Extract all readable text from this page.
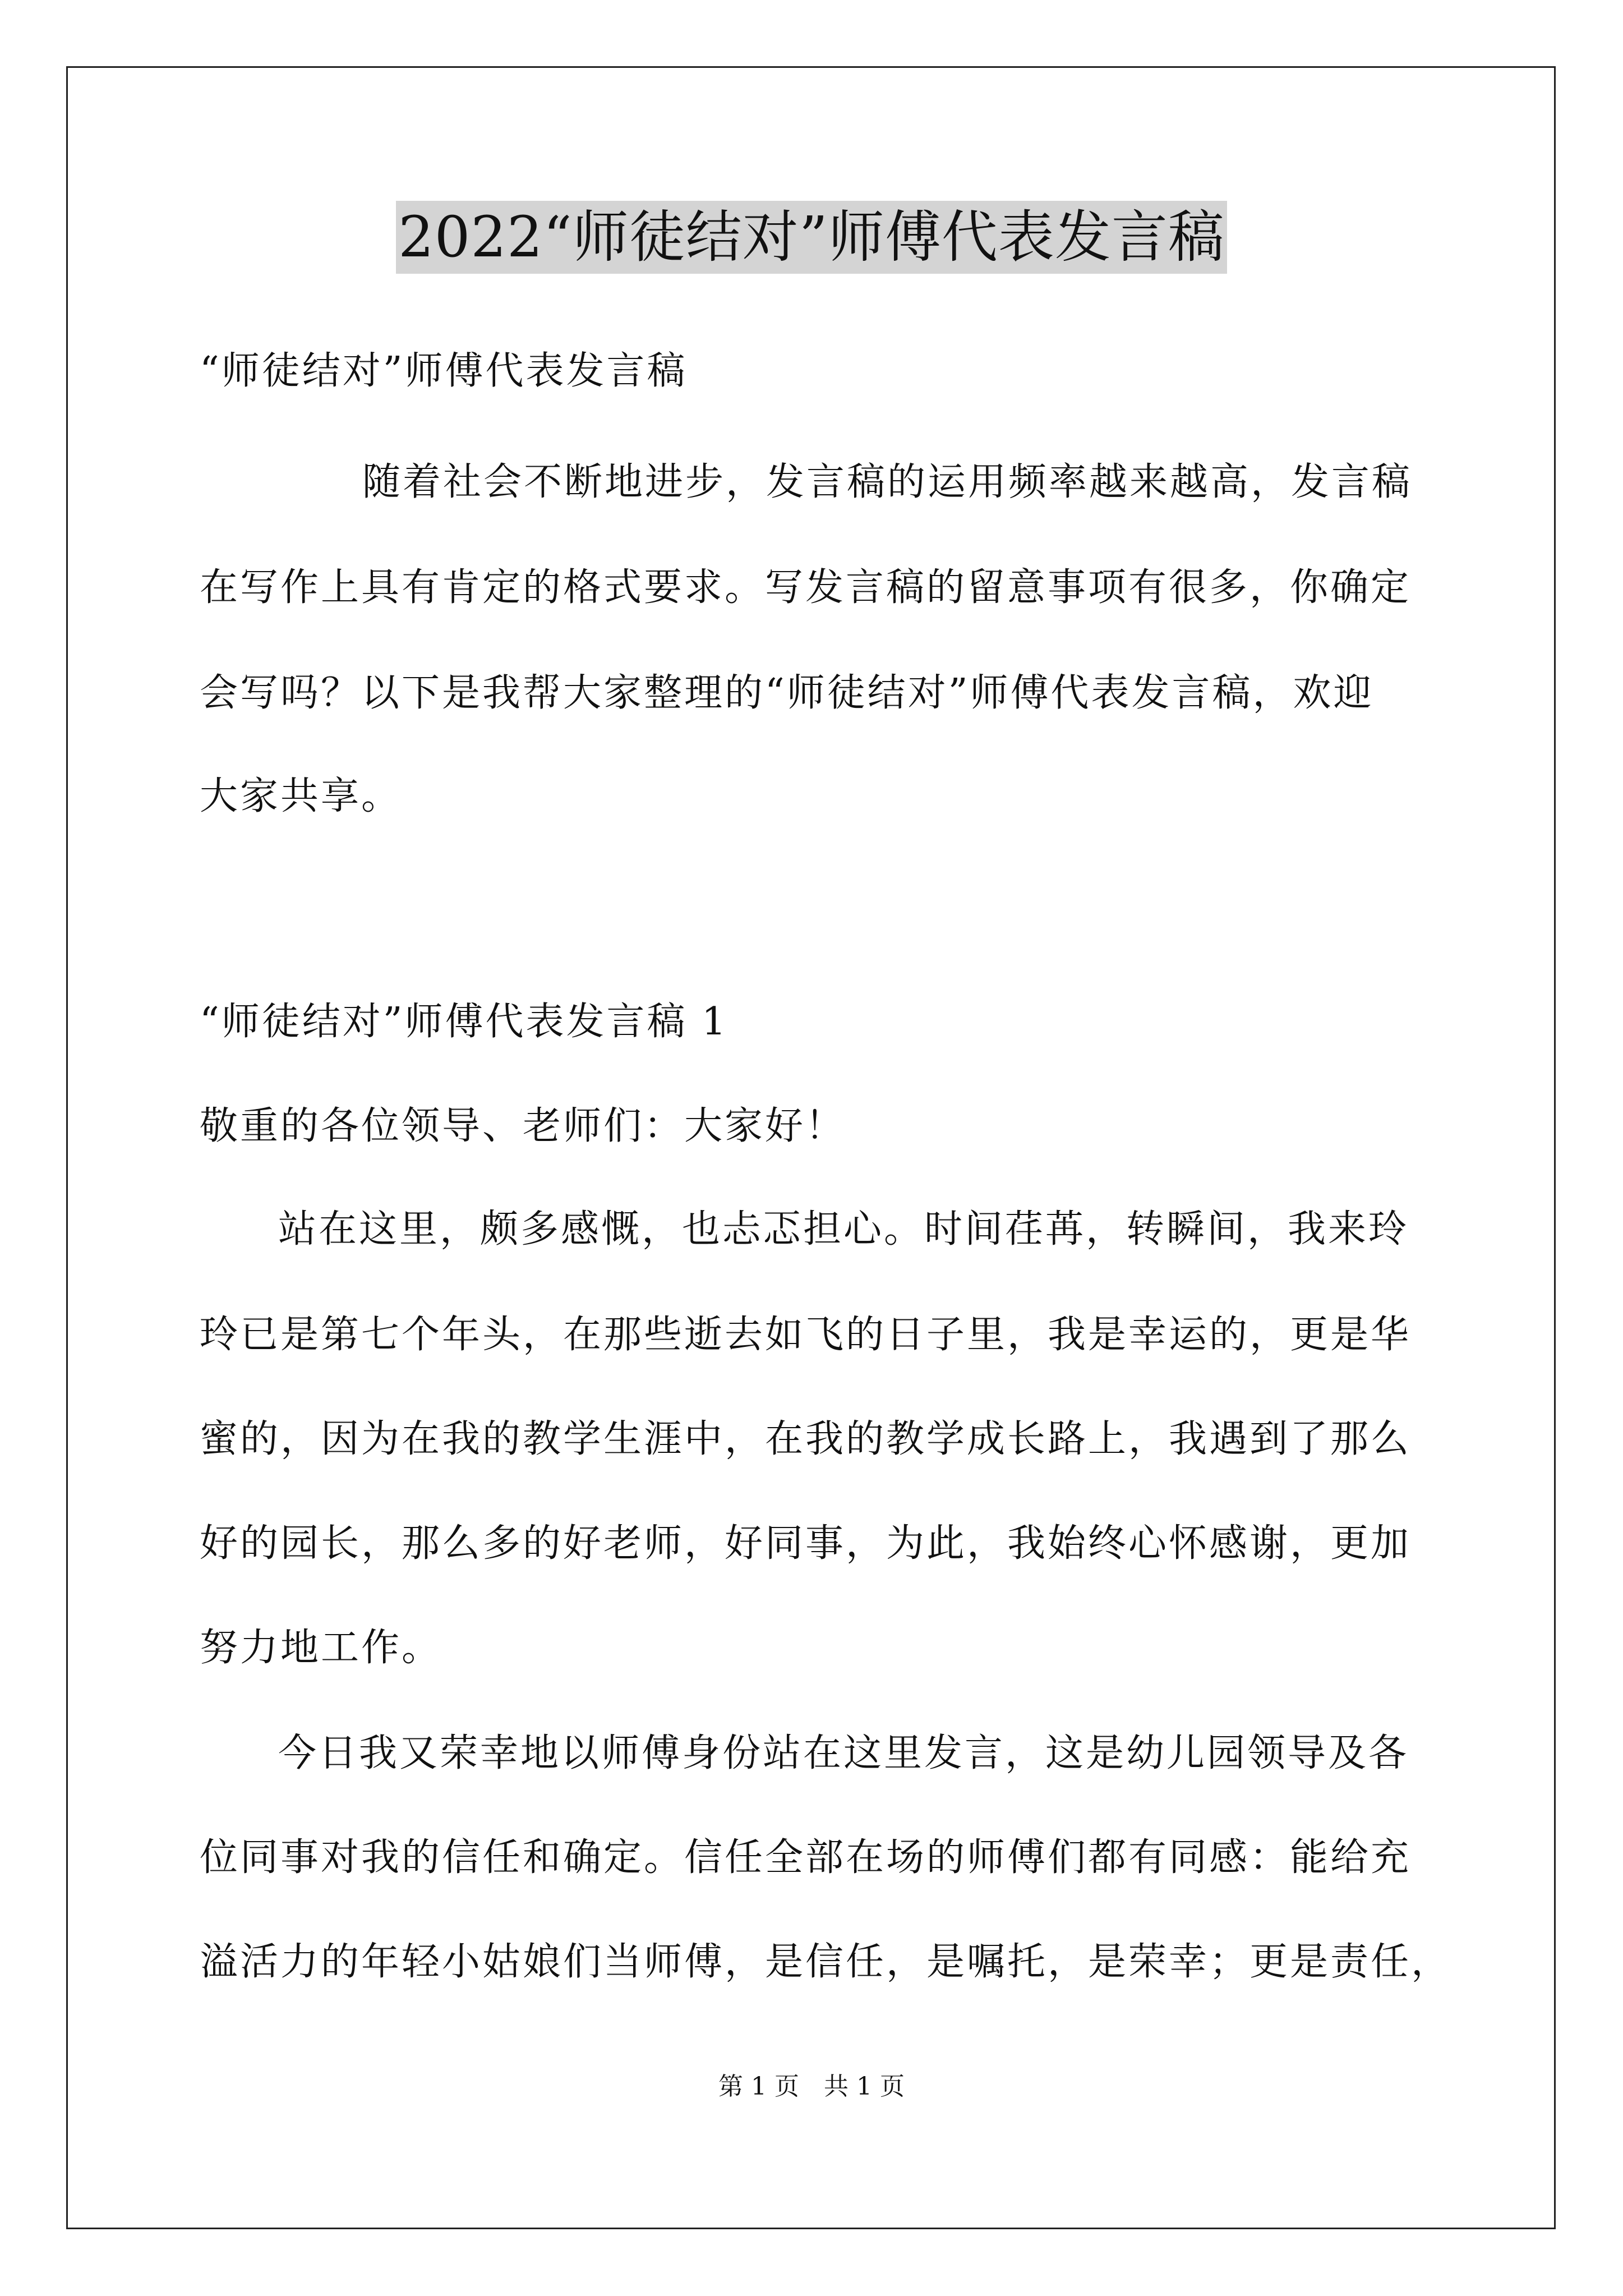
2022“师徒结对”师傅代表发言稿
“师徒结对”师傅代表发言稿
随着社会不断地进步，发言稿的运用频率越来越高，发言稿
在写作上具有肯定的格式要求。写发言稿的留意事项有很多，你确定
会写吗？以下是我帮大家整理的“师徒结对”师傅代表发言稿，欢迎
大家共享。
“师徒结对”师傅代表发言稿 1
敬重的各位领导、老师们：大家好！
站在这里，颇多感慨，也忐忑担心。时间荏苒，转瞬间，我来玲
玲已是第七个年头，在那些逝去如飞的日子里，我是幸运的，更是华
蜜的，因为在我的教学生涯中，在我的教学成长路上，我遇到了那么
好的园长，那么多的好老师，好同事，为此，我始终心怀感谢，更加
努力地工作。
今日我又荣幸地以师傅身份站在这里发言，这是幼儿园领导及各
位同事对我的信任和确定。信任全部在场的师傅们都有同感：能给充
溢活力的年轻小姑娘们当师傅，是信任，是嘱托，是荣幸；更是责任，
第 1 页　共 1 页
